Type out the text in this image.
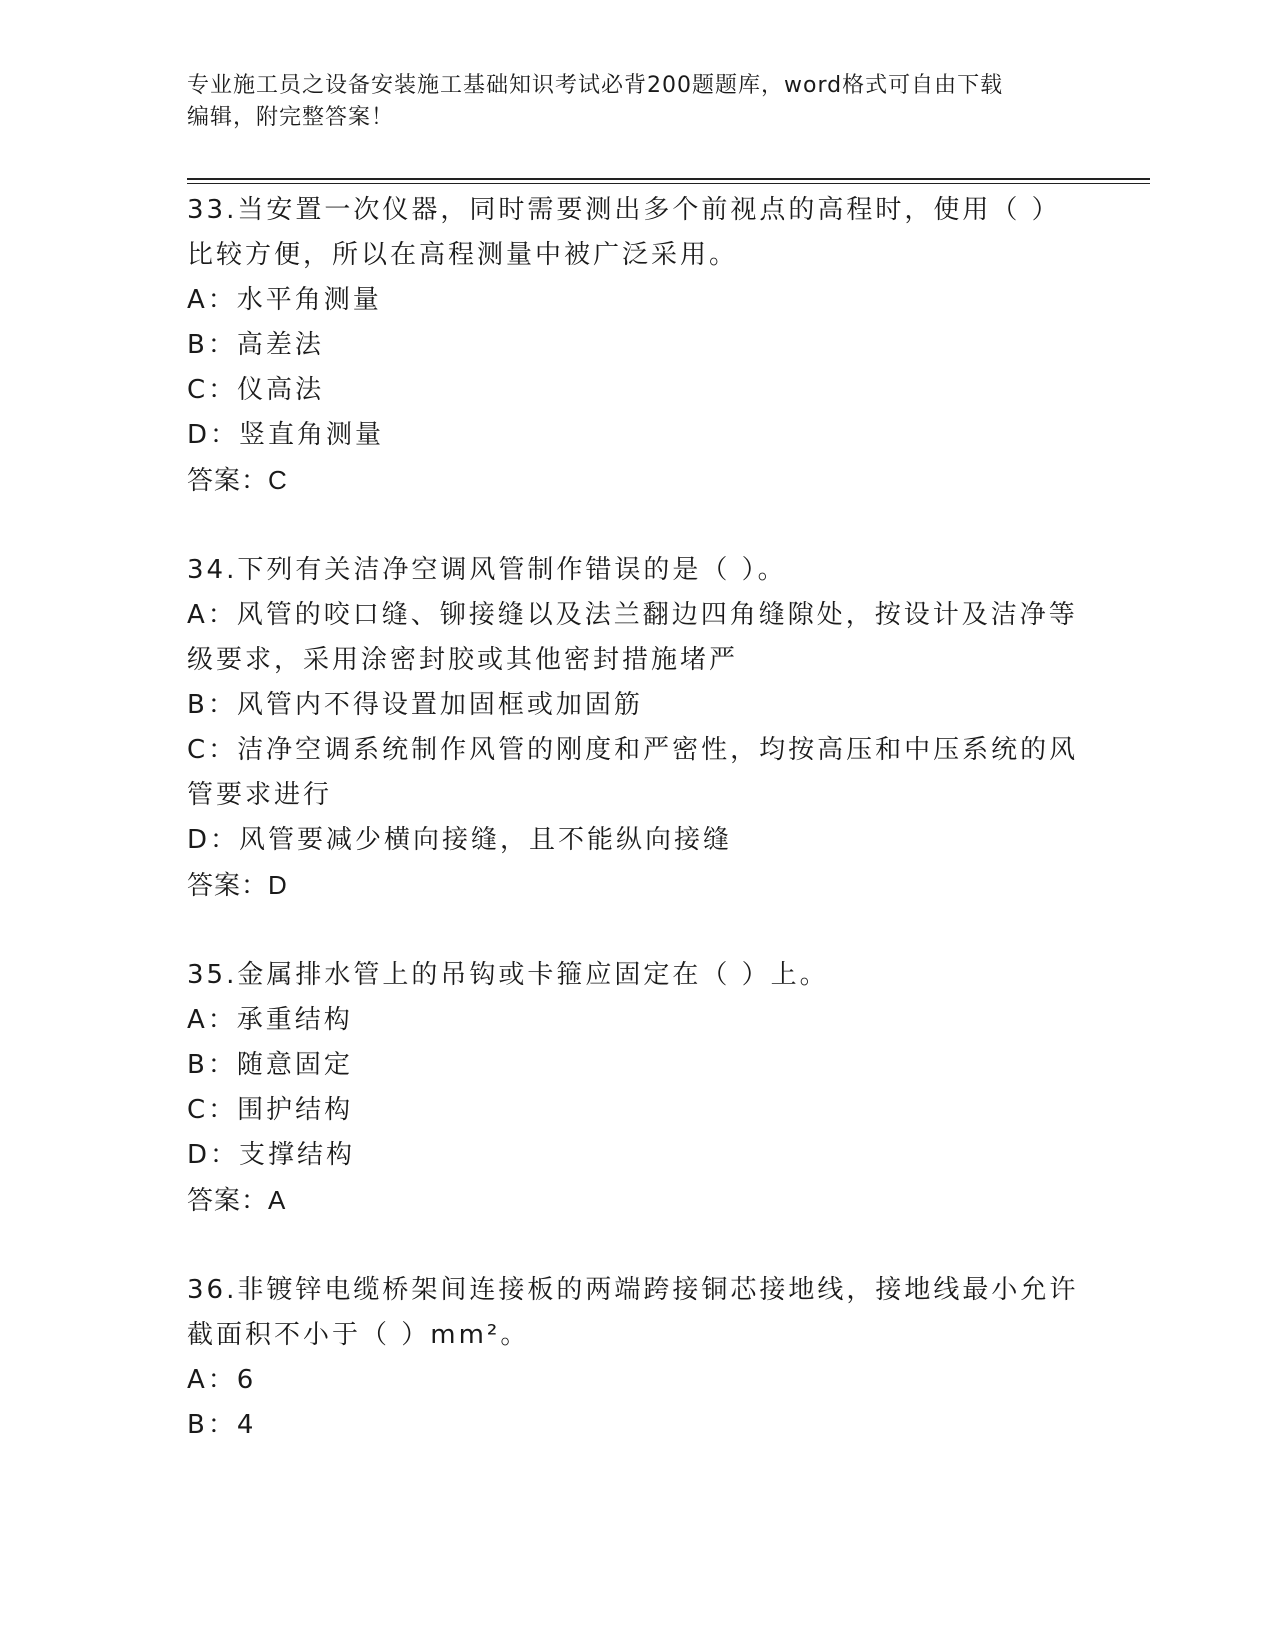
专业施工员之设备安装施工基础知识考试必背200题题库，word格式可自由下载
编辑，附完整答案！

33.当安置一次仪器，同时需要测出多个前视点的高程时，使用（ ）

比较方便，所以在高程测量中被广泛采用。

A：水平角测量

B：高差法

C：仪高法

D：竖直角测量

答案：C

34.下列有关洁净空调风管制作错误的是（ ）。

A：风管的咬口缝、铆接缝以及法兰翻边四角缝隙处，按设计及洁净等

级要求，采用涂密封胶或其他密封措施堵严

B：风管内不得设置加固框或加固筋

C：洁净空调系统制作风管的刚度和严密性，均按高压和中压系统的风

管要求进行

D：风管要减少横向接缝，且不能纵向接缝

答案：D

35.金属排水管上的吊钩或卡箍应固定在（ ）上。

A：承重结构

B：随意固定

C：围护结构

D：支撑结构

答案：A

36.非镀锌电缆桥架间连接板的两端跨接铜芯接地线，接地线最小允许

截面积不小于（ ）mm²。

A：6

B：4
